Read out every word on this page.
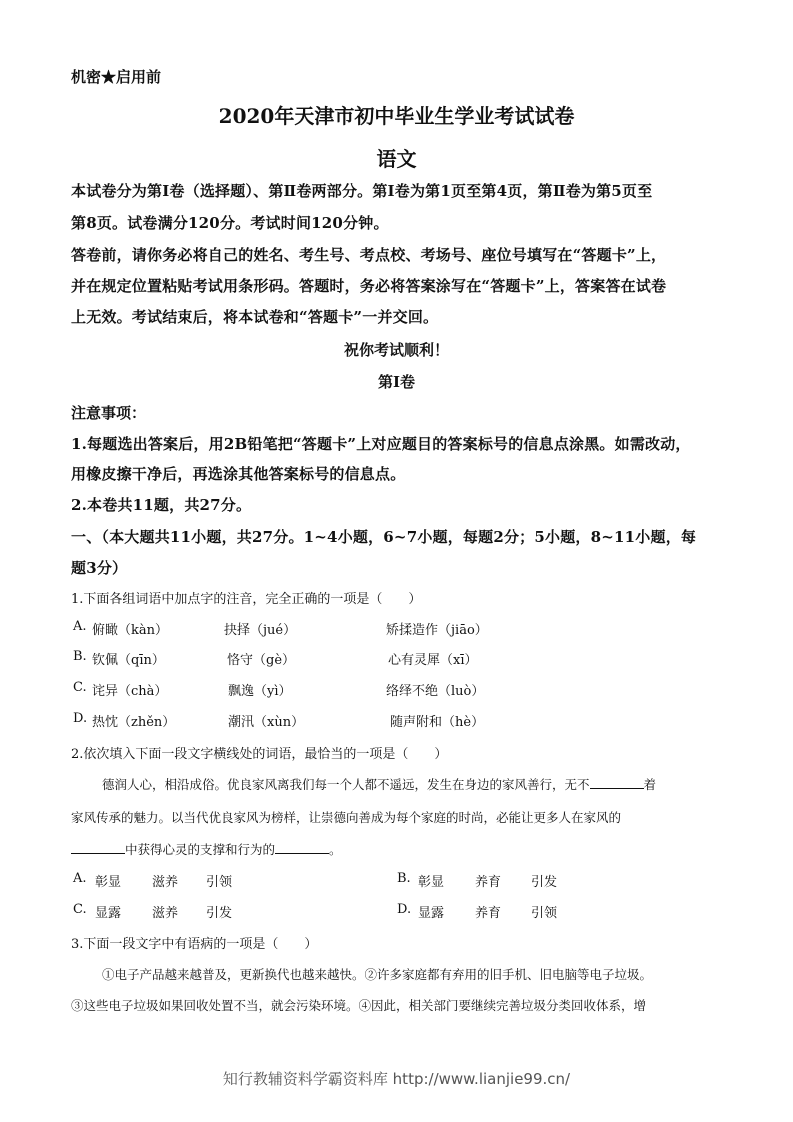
机密★启用前
2020年天津市初中毕业生学业考试试卷
语文
本试卷分为第Ⅰ卷（选择题）、第Ⅱ卷两部分。第Ⅰ卷为第1页至第4页，第Ⅱ卷为第5页至
第8页。试卷满分120分。考试时间120分钟。
答卷前，请你务必将自己的姓名、考生号、考点校、考场号、座位号填写在“答题卡”上，
并在规定位置粘贴考试用条形码。答题时，务必将答案涂写在“答题卡”上，答案答在试卷
上无效。考试结束后，将本试卷和“答题卡”一并交回。
祝你考试顺利！
第Ⅰ卷
注意事项：
1.每题选出答案后，用2B铅笔把“答题卡”上对应题目的答案标号的信息点涂黑。如需改动，
用橡皮擦干净后，再选涂其他答案标号的信息点。
2.本卷共11题，共27分。
一、（本大题共11小题，共27分。1~4小题，6~7小题，每题2分；5小题，8~11小题，每
题3分）
1.下面各组词语中加点字的注音，完全正确的一项是（　　）
A. 俯瞰（kàn）	抉择（jué）	矫揉造作（jiāo）
B. 钦佩（qīn）	恪守（gè）	心有灵犀（xī）
C. 诧异（chà）	飘逸（yì）	络绎不绝（luò）
D. 热忱（zhěn）	潮汛（xùn）	随声附和（hè）
2.依次填入下面一段文字横线处的词语，最恰当的一项是（　　）
德润人心，相沿成俗。优良家风离我们每一个人都不遥远，发生在身边的家风善行，无不	着
家风传承的魅力。以当代优良家风为榜样，让崇德向善成为每个家庭的时尚，必能让更多人在家风的
中获得心灵的支撑和行为的	。
A. 彰显 滋养 引领	B. 彰显 养育 引发
C. 显露 滋养 引发	D. 显露 养育 引领
3.下面一段文字中有语病的一项是（　　）
①电子产品越来越普及，更新换代也越来越快。②许多家庭都有弃用的旧手机、旧电脑等电子垃圾。
③这些电子垃圾如果回收处置不当，就会污染环境。④因此，相关部门要继续完善垃圾分类回收体系，增
知行教辅资料学霸资料库 http://www.lianjie99.cn/
